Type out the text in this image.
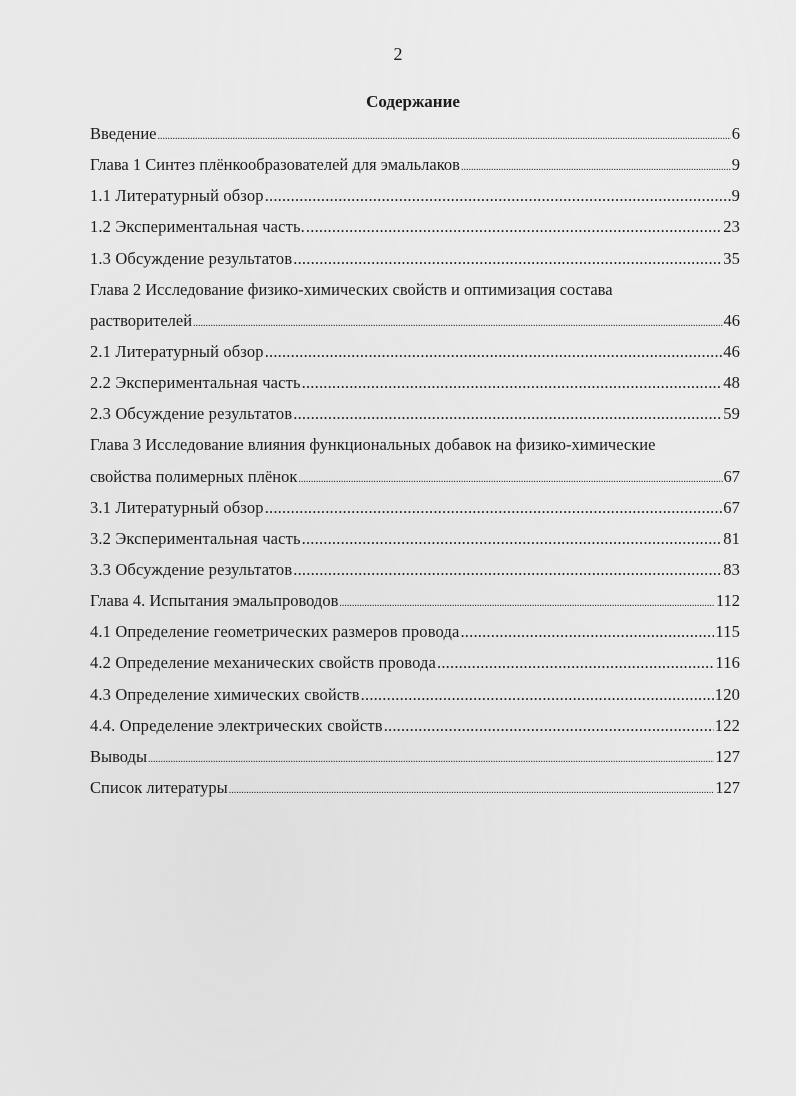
2
Содержание
Введение .....	6
Глава 1 Синтез плёнкообразователей для эмальлаков .....	9
1.1 Литературный обзор .....	9
1.2 Экспериментальная часть. .....	23
1.3 Обсуждение результатов .....	35
Глава 2 Исследование физико-химических свойств и оптимизация состава
растворителей .....	46
2.1 Литературный обзор .....	46
2.2 Экспериментальная часть .....	48
2.3 Обсуждение результатов .....	59
Глава 3 Исследование влияния функциональных добавок на физико-химические
свойства полимерных плёнок .....	67
3.1 Литературный обзор .....	67
3.2 Экспериментальная часть .....	81
3.3 Обсуждение результатов .....	83
Глава 4. Испытания эмальпроводов .....	112
4.1 Определение геометрических размеров провода .....	115
4.2 Определение механических свойств провода .....	116
4.3 Определение химических свойств .....	120
4.4. Определение электрических свойств .....	122
Выводы .....	127
Список литературы .....	127
